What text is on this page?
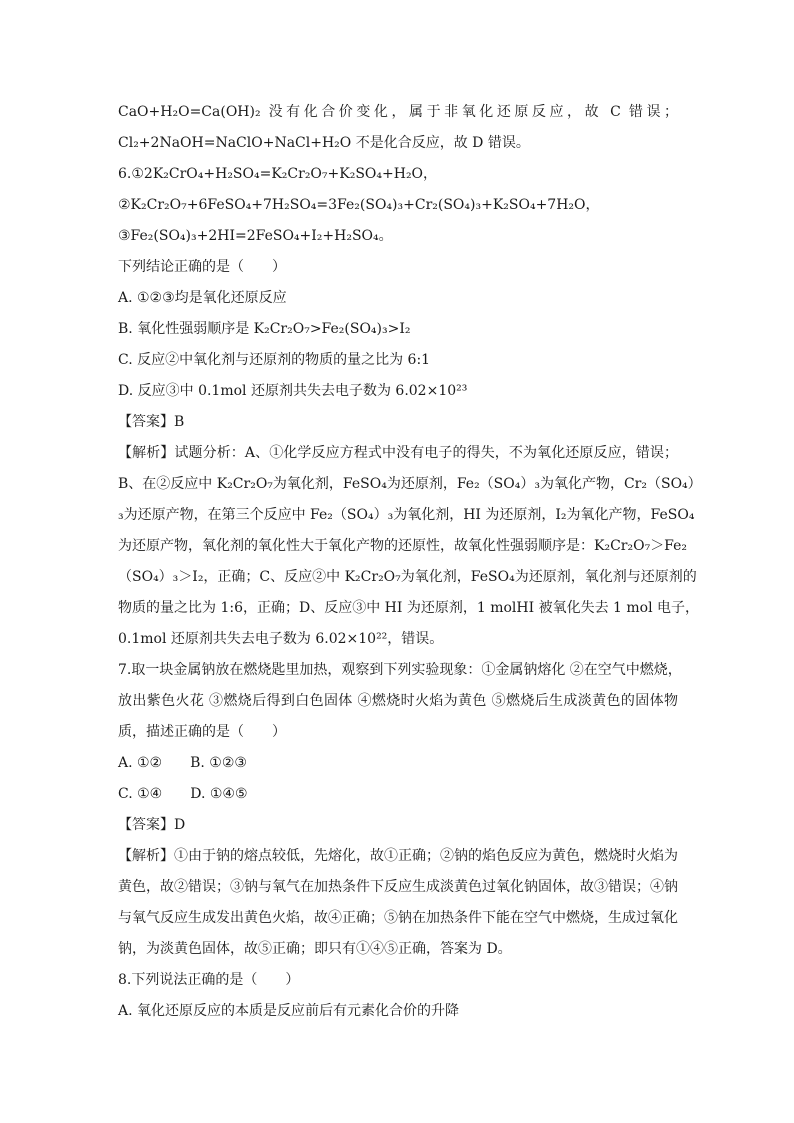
CaO+H₂O=Ca(OH)₂ 没有化合价变化，属于非氧化还原反应，故 C 错误；
Cl₂+2NaOH=NaClO+NaCl+H₂O 不是化合反应，故 D 错误。
6.①2K₂CrO₄+H₂SO₄=K₂Cr₂O₇+K₂SO₄+H₂O，
②K₂Cr₂O₇+6FeSO₄+7H₂SO₄=3Fe₂(SO₄)₃+Cr₂(SO₄)₃+K₂SO₄+7H₂O，
③Fe₂(SO₄)₃+2HI=2FeSO₄+I₂+H₂SO₄。
下列结论正确的是（　　）
A. ①②③均是氧化还原反应
B. 氧化性强弱顺序是 K₂Cr₂O₇>Fe₂(SO₄)₃>I₂
C. 反应②中氧化剂与还原剂的物质的量之比为 6:1
D. 反应③中 0.1mol 还原剂共失去电子数为 6.02×10²³
【答案】B
【解析】试题分析：A、①化学反应方程式中没有电子的得失，不为氧化还原反应，错误；
B、在②反应中 K₂Cr₂O₇为氧化剂，FeSO₄为还原剂，Fe₂（SO₄）₃为氧化产物，Cr₂（SO₄）
₃为还原产物，在第三个反应中 Fe₂（SO₄）₃为氧化剂，HI 为还原剂，I₂为氧化产物，FeSO₄
为还原产物，氧化剂的氧化性大于氧化产物的还原性，故氧化性强弱顺序是：K₂Cr₂O₇＞Fe₂
（SO₄）₃＞I₂，正确；C、反应②中 K₂Cr₂O₇为氧化剂，FeSO₄为还原剂，氧化剂与还原剂的
物质的量之比为 1:6，正确；D、反应③中 HI 为还原剂，1 molHI 被氧化失去 1 mol 电子，
0.1mol 还原剂共失去电子数为 6.02×10²²，错误。
7.取一块金属钠放在燃烧匙里加热，观察到下列实验现象：①金属钠熔化 ②在空气中燃烧，
放出紫色火花 ③燃烧后得到白色固体 ④燃烧时火焰为黄色 ⑤燃烧后生成淡黄色的固体物
质，描述正确的是（　　）
A. ①②　　B. ①②③
C. ①④　　D. ①④⑤
【答案】D
【解析】①由于钠的熔点较低，先熔化，故①正确；②钠的焰色反应为黄色，燃烧时火焰为
黄色，故②错误；③钠与氧气在加热条件下反应生成淡黄色过氧化钠固体，故③错误；④钠
与氧气反应生成发出黄色火焰，故④正确；⑤钠在加热条件下能在空气中燃烧，生成过氧化
钠，为淡黄色固体，故⑤正确；即只有①④⑤正确，答案为 D。
8.下列说法正确的是（　　）
A. 氧化还原反应的本质是反应前后有元素化合价的升降
